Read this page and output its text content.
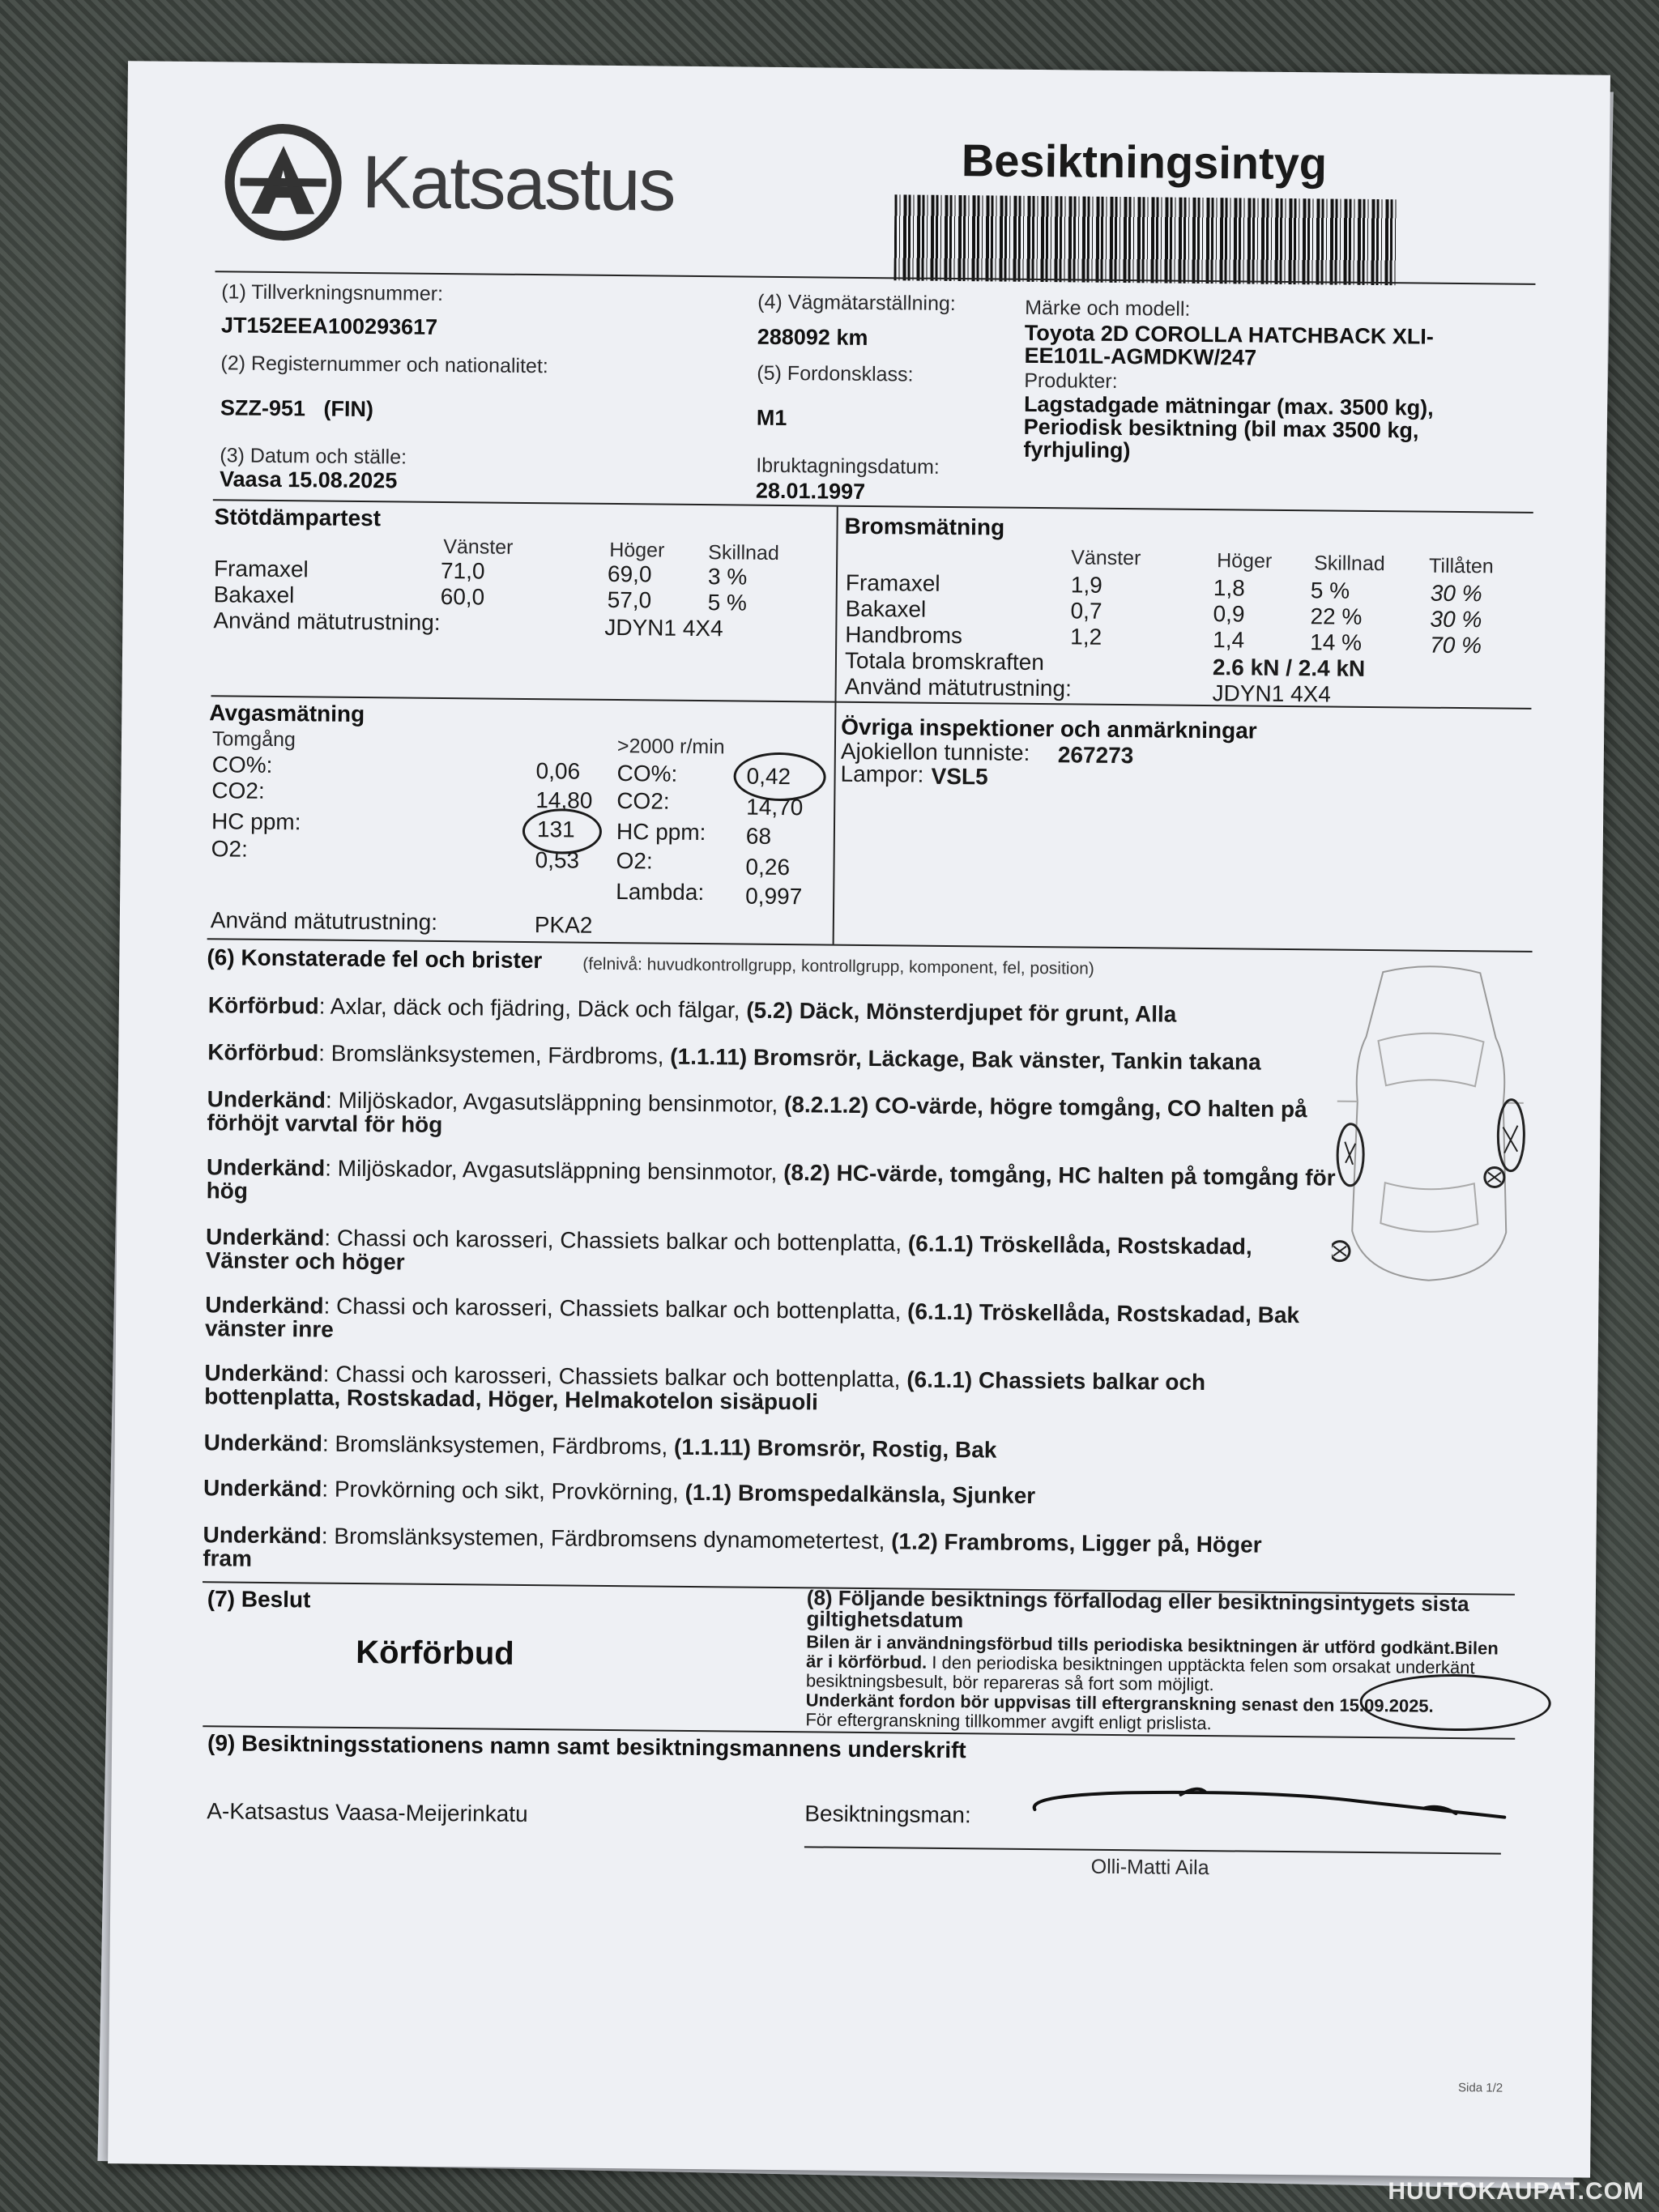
Katsastus	Besiktningsintyg
(1) Tillverkningsnummer:
JT152EEA100293617
(2) Registernummer och nationalitet:
SZZ-951   (FIN)
(3) Datum och ställe:
Vaasa 15.08.2025
(4) Vägmätarställning:
288092 km
(5) Fordonsklass:
M1
Ibruktagningsdatum:
28.01.1997
Märke och modell:
Toyota 2D COROLLA HATCHBACK XLI-
EE101L-AGMDKW/247
Produkter:
Lagstadgade mätningar (max. 3500 kg),
Periodisk besiktning (bil max 3500 kg,
fyrhjuling)
Stötdämpartest
Vänster	Höger Skillnad
Framaxel	71,0	69,0 3 %
Bakaxel	60,0	57,0 5 %
Använd mätutrustning:	JDYN1 4X4
Bromsmätning
Vänster	Höger Skillnad Tillåten
Framaxel	1,9	1,8	5 %	30 %
Bakaxel	0,7	0,9	22 %	30 %
Handbroms	1,2	1,4	14 %	70 %
Totala bromskraften	2.6 kN / 2.4 kN
Använd mätutrustning:	JDYN1 4X4
Avgasmätning
Tomgång	>2000 r/min
CO%:	0,06
CO2:	14,80
HC ppm:	131
O2:	0,53
CO%:	0,42
CO2:	14,70
HC ppm: 68
O2:	0,26
Lambda: 0,997
Använd mätutrustning:	PKA2
Övriga inspektioner och anmärkningar
Ajokiellon tunniste: 267273
Lampor: VSL5
(6) Konstaterade fel och brister (felnivå: huvudkontrollgrupp, kontrollgrupp, komponent, fel, position)
Körförbud: Axlar, däck och fjädring, Däck och fälgar, (5.2) Däck, Mönsterdjupet för grunt, Alla
Körförbud: Bromslänksystemen, Färdbroms, (1.1.11) Bromsrör, Läckage, Bak vänster, Tankin takana
Underkänd: Miljöskador, Avgasutsläppning bensinmotor, (8.2.1.2) CO-värde, högre tomgång, CO halten på förhöjt varvtal för hög
Underkänd: Miljöskador, Avgasutsläppning bensinmotor, (8.2) HC-värde, tomgång, HC halten på tomgång för hög
Underkänd: Chassi och karosseri, Chassiets balkar och bottenplatta, (6.1.1) Tröskellåda, Rostskadad, Vänster och höger
Underkänd: Chassi och karosseri, Chassiets balkar och bottenplatta, (6.1.1) Tröskellåda, Rostskadad, Bak vänster inre
Underkänd: Chassi och karosseri, Chassiets balkar och bottenplatta, (6.1.1) Chassiets balkar och bottenplatta, Rostskadad, Höger, Helmakotelon sisäpuoli
Underkänd: Bromslänksystemen, Färdbroms, (1.1.11) Bromsrör, Rostig, Bak
Underkänd: Provkörning och sikt, Provkörning, (1.1) Bromspedalkänsla, Sjunker
Underkänd: Bromslänksystemen, Färdbromsens dynamometertest, (1.2) Frambroms, Ligger på, Höger fram
(7) Beslut
Körförbud
(8) Följande besiktnings förfallodag eller besiktningsintygets sista giltighetsdatum
Bilen är i användningsförbud tills periodiska besiktningen är utförd godkänt.Bilen är i körförbud. I den periodiska besiktningen upptäckta felen som orsakat underkänt besiktningsbesult, bör repareras så fort som möjligt.
Underkänt fordon bör uppvisas till eftergranskning senast den 15.09.2025.
För eftergranskning tillkommer avgift enligt prislista.
(9) Besiktningsstationens namn samt besiktningsmannens underskrift
A-Katsastus Vaasa-Meijerinkatu	Besiktningsman:
Olli-Matti Aila
Sida 1/2
HUUTOKAUPAT.COM
